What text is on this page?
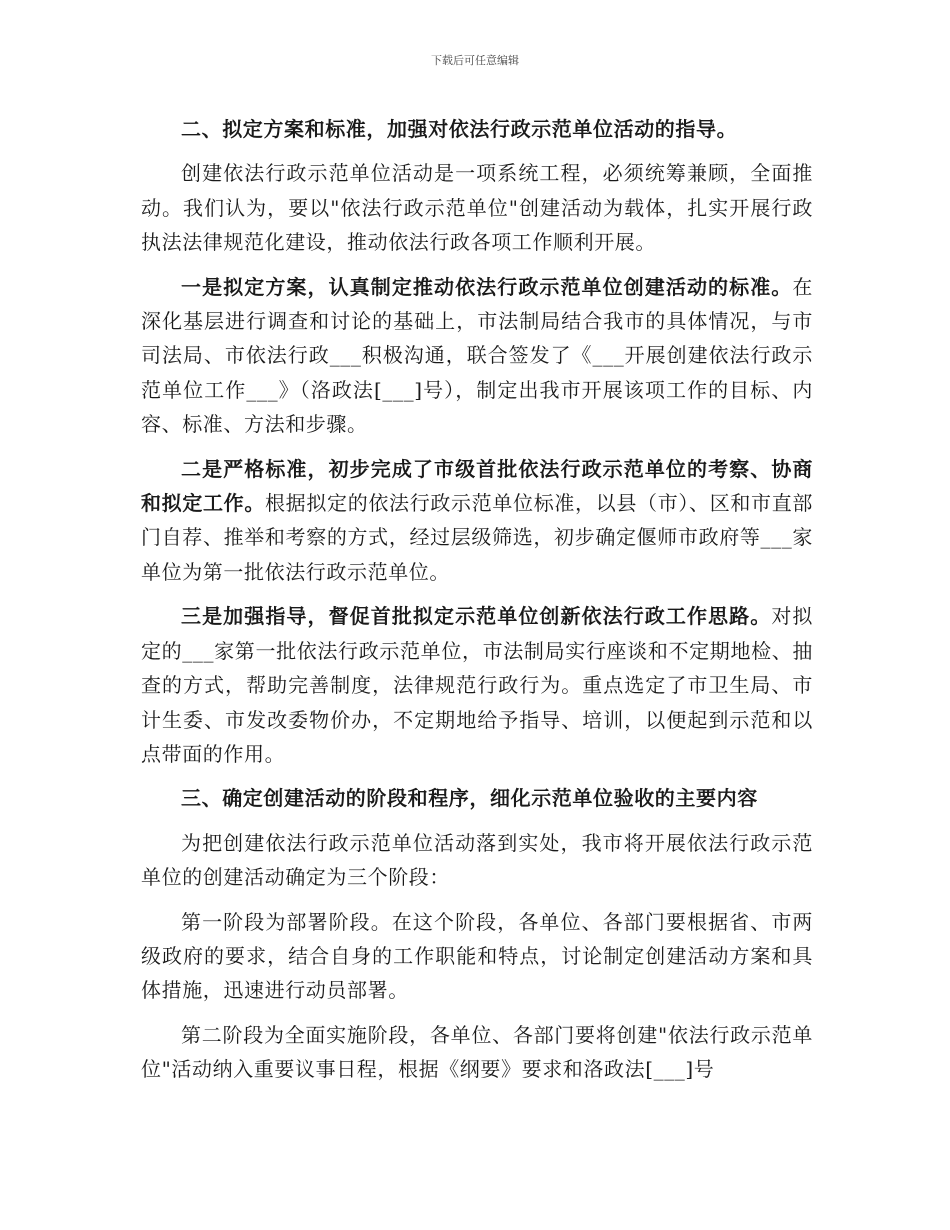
下载后可任意编辑

二、拟定方案和标准，加强对依法行政示范单位活动的指导。

创建依法行政示范单位活动是一项系统工程，必须统筹兼顾，全面推动。我们认为，要以"依法行政示范单位"创建活动为载体，扎实开展行政执法法律规范化建设，推动依法行政各项工作顺利开展。

一是拟定方案，认真制定推动依法行政示范单位创建活动的标准。在深化基层进行调查和讨论的基础上，市法制局结合我市的具体情况，与市司法局、市依法行政___积极沟通，联合签发了《___开展创建依法行政示范单位工作___》（洛政法[___]号），制定出我市开展该项工作的目标、内容、标准、方法和步骤。

二是严格标准，初步完成了市级首批依法行政示范单位的考察、协商和拟定工作。根据拟定的依法行政示范单位标准，以县（市）、区和市直部门自荐、推举和考察的方式，经过层级筛选，初步确定偃师市政府等___家单位为第一批依法行政示范单位。

三是加强指导，督促首批拟定示范单位创新依法行政工作思路。对拟定的___家第一批依法行政示范单位，市法制局实行座谈和不定期地检、抽查的方式，帮助完善制度，法律规范行政行为。重点选定了市卫生局、市计生委、市发改委物价办，不定期地给予指导、培训，以便起到示范和以点带面的作用。

三、确定创建活动的阶段和程序，细化示范单位验收的主要内容

为把创建依法行政示范单位活动落到实处，我市将开展依法行政示范单位的创建活动确定为三个阶段：

第一阶段为部署阶段。在这个阶段，各单位、各部门要根据省、市两级政府的要求，结合自身的工作职能和特点，讨论制定创建活动方案和具体措施，迅速进行动员部署。

第二阶段为全面实施阶段，各单位、各部门要将创建"依法行政示范单位"活动纳入重要议事日程，根据《纲要》要求和洛政法[___]号
